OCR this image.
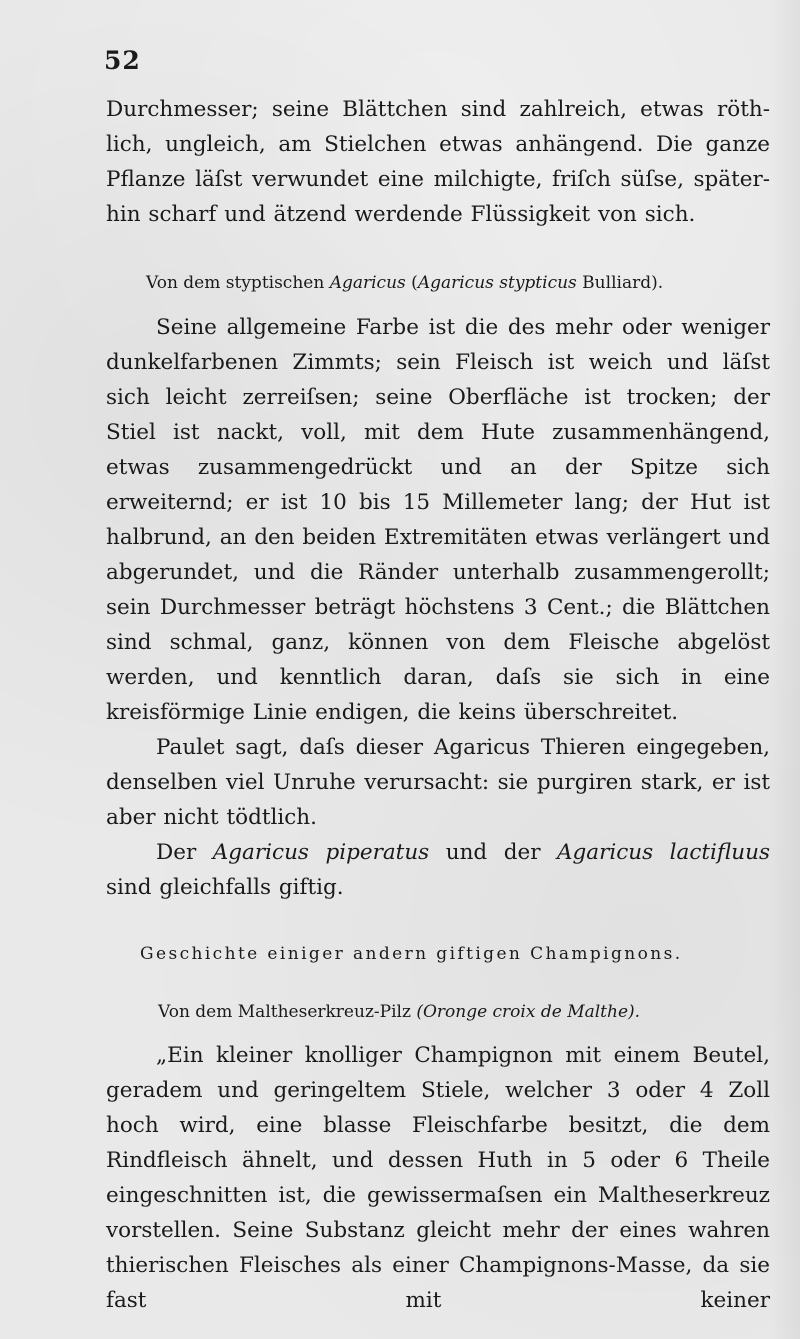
52

Durchmesser; seine Blättchen sind zahlreich, etwas röth-

lich, ungleich, am Stielchen etwas anhängend. Die ganze

Pflanze läſst verwundet eine milchigte, friſch süſse, später-

hin scharf und ätzend werdende Flüssigkeit von sich.

Von dem styptischen Agaricus (Agaricus stypticus Bulliard).

Seine allgemeine Farbe ist die des mehr oder weniger dunkelfarbenen Zimmts; sein Fleisch ist weich und läſst sich leicht zerreiſsen; seine Oberfläche ist trocken; der Stiel ist nackt, voll, mit dem Hute zusammenhängend, etwas zusammengedrückt und an der Spitze sich erweiternd; er ist 10 bis 15 Millemeter lang; der Hut ist halbrund, an den beiden Extremitäten etwas verlängert und abgerundet, und die Ränder unterhalb zusammengerollt; sein Durchmesser beträgt höchstens 3 Cent.; die Blättchen sind schmal, ganz, können von dem Fleische abgelöst werden, und kenntlich daran, daſs sie sich in eine kreisförmige Linie endigen, die keins überschreitet.

Paulet sagt, daſs dieser Agaricus Thieren eingegeben, denselben viel Unruhe verursacht: sie purgiren stark, er ist aber nicht tödtlich.

Der Agaricus piperatus und der Agaricus lactifluus sind gleichfalls giftig.

Geschichte einiger andern giftigen Champignons.

Von dem Maltheserkreuz-Pilz (Oronge croix de Malthe).

„Ein kleiner knolliger Champignon mit einem Beutel, geradem und geringeltem Stiele, welcher 3 oder 4 Zoll hoch wird, eine blasse Fleischfarbe besitzt, die dem Rindfleisch ähnelt, und dessen Huth in 5 oder 6 Theile eingeschnitten ist, die gewissermaſsen ein Maltheserkreuz vorstellen. Seine Substanz gleicht mehr der eines wahren thierischen Fleisches als einer Champignons-Masse, da sie fast mit keiner
